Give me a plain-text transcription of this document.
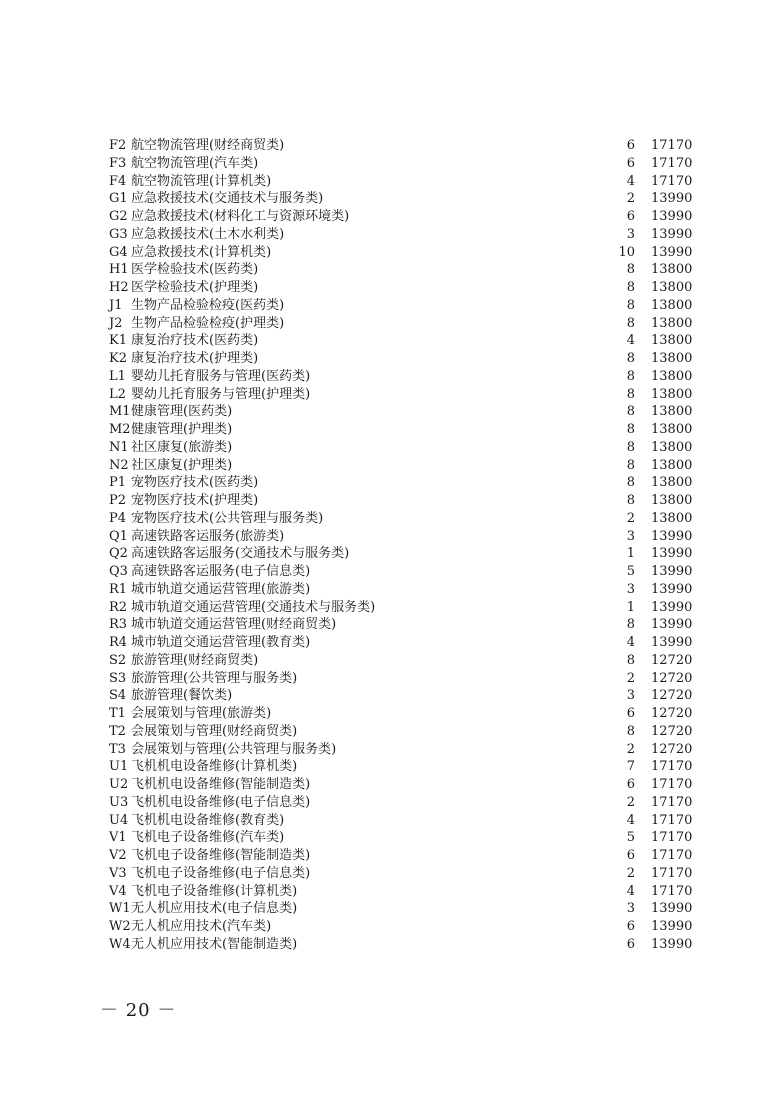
F2 航空物流管理(财经商贸类)	6 17170
F3 航空物流管理(汽车类)	6 17170
F4 航空物流管理(计算机类)	4 17170
G1 应急救援技术(交通技术与服务类)	2 13990
G2 应急救援技术(材料化工与资源环境类)	6 13990
G3 应急救援技术(土木水利类)	3 13990
G4 应急救援技术(计算机类)	10 13990
H1 医学检验技术(医药类)	8 13800
H2 医学检验技术(护理类)	8 13800
J1 生物产品检验检疫(医药类)	8 13800
J2 生物产品检验检疫(护理类)	8 13800
K1 康复治疗技术(医药类)	4 13800
K2 康复治疗技术(护理类)	8 13800
L1 婴幼儿托育服务与管理(医药类)	8 13800
L2 婴幼儿托育服务与管理(护理类)	8 13800
M1 健康管理(医药类)	8 13800
M2 健康管理(护理类)	8 13800
N1 社区康复(旅游类)	8 13800
N2 社区康复(护理类)	8 13800
P1 宠物医疗技术(医药类)	8 13800
P2 宠物医疗技术(护理类)	8 13800
P4 宠物医疗技术(公共管理与服务类)	2 13800
Q1 高速铁路客运服务(旅游类)	3 13990
Q2 高速铁路客运服务(交通技术与服务类)	1 13990
Q3 高速铁路客运服务(电子信息类)	5 13990
R1 城市轨道交通运营管理(旅游类)	3 13990
R2 城市轨道交通运营管理(交通技术与服务类)	1 13990
R3 城市轨道交通运营管理(财经商贸类)	8 13990
R4 城市轨道交通运营管理(教育类)	4 13990
S2 旅游管理(财经商贸类)	8 12720
S3 旅游管理(公共管理与服务类)	2 12720
S4 旅游管理(餐饮类)	3 12720
T1 会展策划与管理(旅游类)	6 12720
T2 会展策划与管理(财经商贸类)	8 12720
T3 会展策划与管理(公共管理与服务类)	2 12720
U1 飞机机电设备维修(计算机类)	7 17170
U2 飞机机电设备维修(智能制造类)	6 17170
U3 飞机机电设备维修(电子信息类)	2 17170
U4 飞机机电设备维修(教育类)	4 17170
V1 飞机电子设备维修(汽车类)	5 17170
V2 飞机电子设备维修(智能制造类)	6 17170
V3 飞机电子设备维修(电子信息类)	2 17170
V4 飞机电子设备维修(计算机类)	4 17170
W1 无人机应用技术(电子信息类)	3 13990
W2 无人机应用技术(汽车类)	6 13990
W4 无人机应用技术(智能制造类)	6 13990
－ 20 －
